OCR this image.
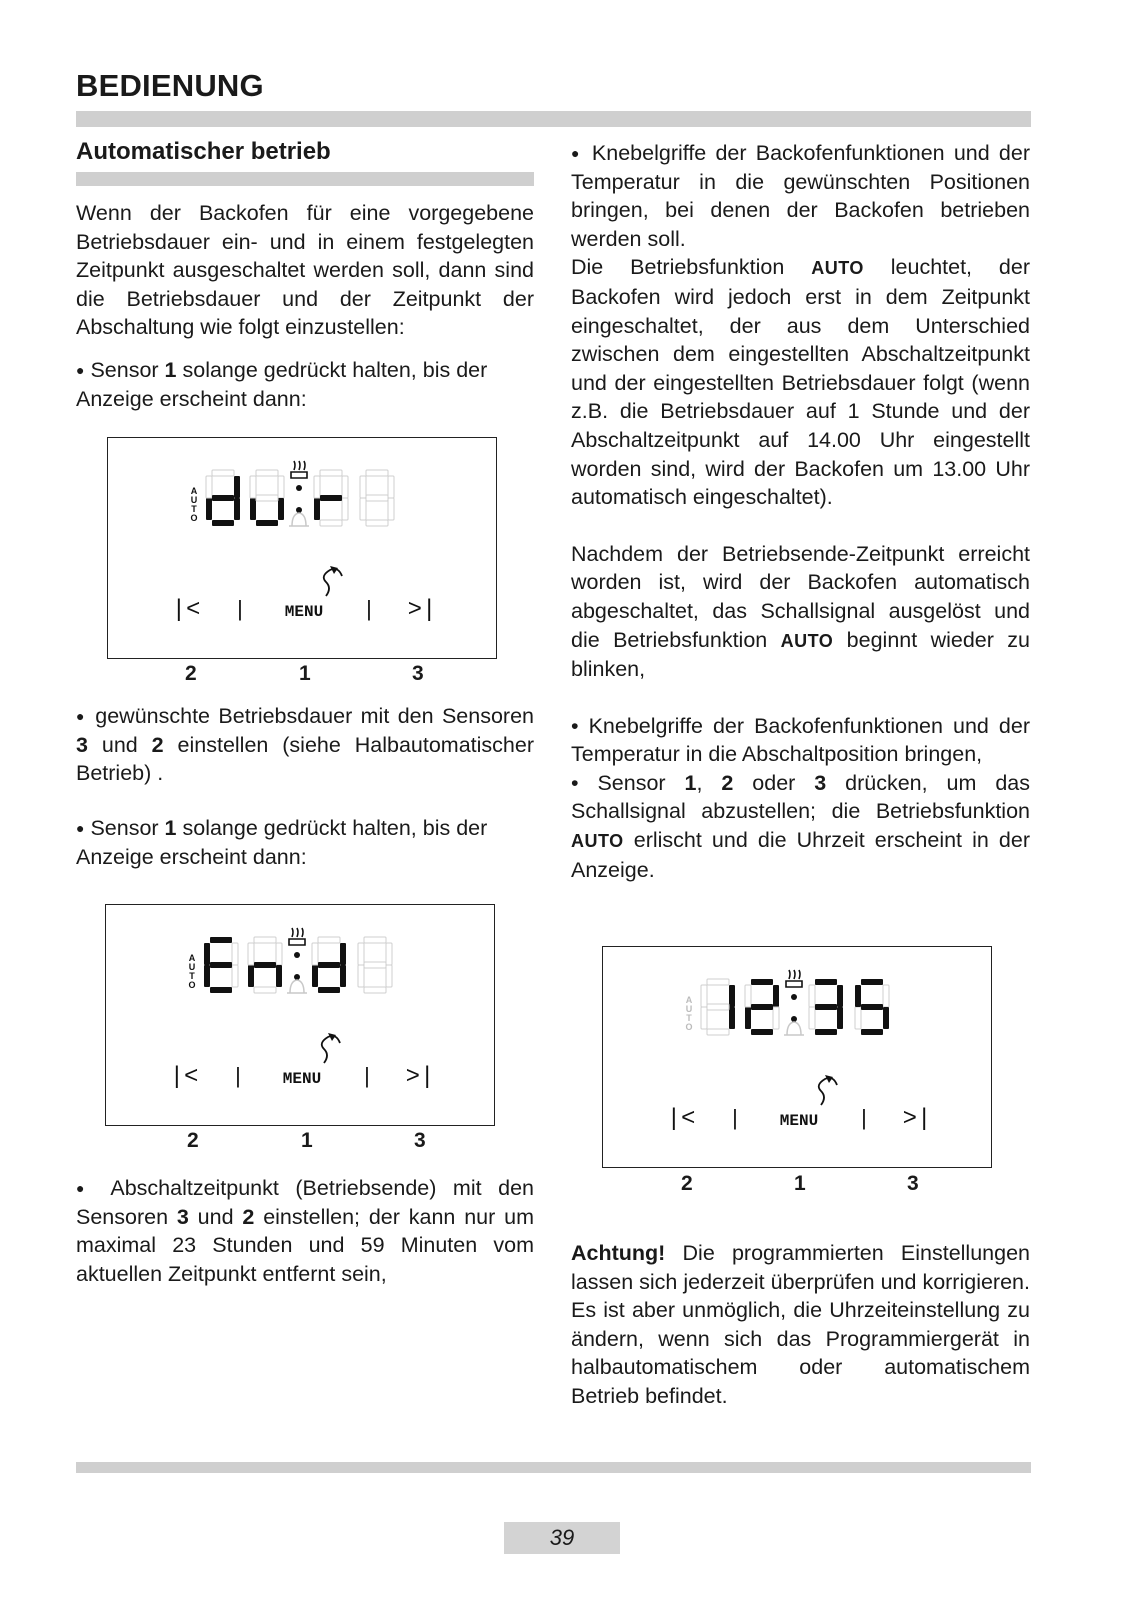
BEDIENUNG
Automatischer betrieb

Wenn der Backofen für eine vorgegebene Betriebsdauer ein- und in einem festgelegten Zeitpunkt ausgeschaltet werden soll, dann sind die Betriebsdauer und der Zeitpunkt der Abschaltung wie folgt einzustellen:

● Sensor 1 solange gedrückt halten, bis der Anzeige erscheint dann:

A
U
T
O
|< | MENU | >|
2	1	3

● gewünschte Betriebsdauer mit den Sensoren 3 und 2 einstellen (siehe Halbautomatischer Betrieb) .

● Sensor 1 solange gedrückt halten, bis der Anzeige erscheint dann:

A
U
T
O
|< | MENU | >|
2	1	3

● Abschaltzeitpunkt (Betriebsende) mit den Sensoren 3 und 2 einstellen; der kann nur um maximal 23 Stunden und 59 Minuten vom aktuellen Zeitpunkt entfernt sein,

● Knebelgriffe der Backofenfunktionen und der Temperatur in die gewünschten Positionen bringen, bei denen der Backofen betrieben werden soll.

Die Betriebsfunktion AUTO leuchtet, der Backofen wird jedoch erst in dem Zeitpunkt eingeschaltet, der aus dem Unterschied zwischen dem eingestellten Abschaltzeitpunkt und der eingestellten Betriebsdauer folgt (wenn z.B. die Betriebsdauer auf 1 Stunde und der Abschaltzeitpunkt auf 14.00 Uhr eingestellt worden sind, wird der Backofen um 13.00 Uhr automatisch eingeschaltet).

Nachdem der Betriebsende-Zeitpunkt erreicht worden ist, wird der Backofen automatisch abgeschaltet, das Schallsignal ausgelöst und die Betriebsfunktion AUTO beginnt wieder zu blinken,

• Knebelgriffe der Backofenfunktionen und der Temperatur in die Abschaltposition bringen,

• Sensor 1, 2 oder 3 drücken, um das Schallsignal abzustellen; die Betriebsfunktion AUTO erlischt und die Uhrzeit erscheint in der Anzeige.

A
U
T
O
|< | MENU | >|
2	1	3

Achtung! Die programmierten Einstellungen lassen sich jederzeit überprüfen und korrigieren. Es ist aber unmöglich, die Uhrzeiteinstellung zu ändern, wenn sich das Programmiergerät in halbautomatischem oder automatischem Betrieb befindet.

39
